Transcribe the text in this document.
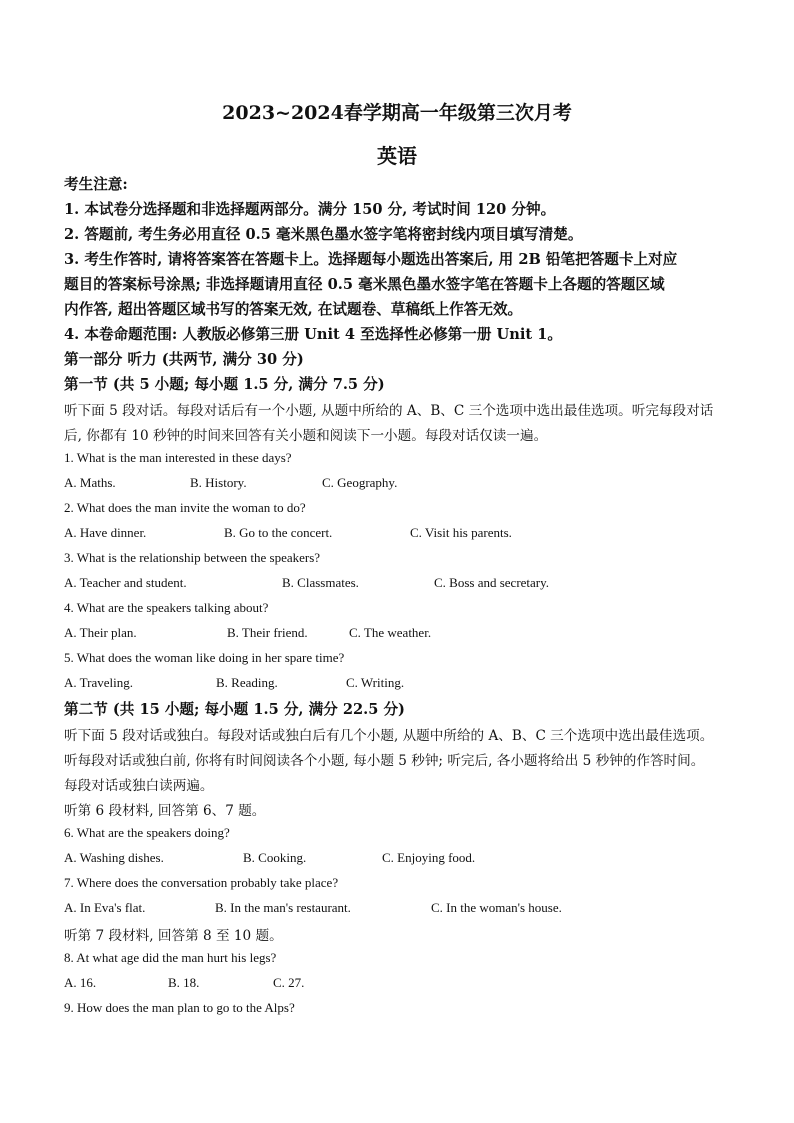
2023~2024春学期高一年级第三次月考
英语
考生注意:
1. 本试卷分选择题和非选择题两部分。满分 150 分, 考试时间 120 分钟。
2. 答题前, 考生务必用直径 0.5 毫米黑色墨水签字笔将密封线内项目填写清楚。
3. 考生作答时, 请将答案答在答题卡上。选择题每小题选出答案后, 用 2B 铅笔把答题卡上对应
题目的答案标号涂黑; 非选择题请用直径 0.5 毫米黑色墨水签字笔在答题卡上各题的答题区域
内作答, 超出答题区域书写的答案无效, 在试题卷、草稿纸上作答无效。
4. 本卷命题范围: 人教版必修第三册 Unit 4 至选择性必修第一册 Unit 1。
第一部分 听力 (共两节, 满分 30 分)
第一节 (共 5 小题; 每小题 1.5 分, 满分 7.5 分)
听下面 5 段对话。每段对话后有一个小题, 从题中所给的 A、B、C 三个选项中选出最佳选项。听完每段对话
后, 你都有 10 秒钟的时间来回答有关小题和阅读下一小题。每段对话仅读一遍。
1. What is the man interested in these days?
A. Maths.	B. History.	C. Geography.
2. What does the man invite the woman to do?
A. Have dinner.	B. Go to the concert.	C. Visit his parents.
3. What is the relationship between the speakers?
A. Teacher and student.	B. Classmates.	C. Boss and secretary.
4. What are the speakers talking about?
A. Their plan.	B. Their friend.	C. The weather.
5. What does the woman like doing in her spare time?
A. Traveling.	B. Reading.	C. Writing.
第二节 (共 15 小题; 每小题 1.5 分, 满分 22.5 分)
听下面 5 段对话或独白。每段对话或独白后有几个小题, 从题中所给的 A、B、C 三个选项中选出最佳选项。
听每段对话或独白前, 你将有时间阅读各个小题, 每小题 5 秒钟; 听完后, 各小题将给出 5 秒钟的作答时间。
每段对话或独白读两遍。
听第 6 段材料, 回答第 6、7 题。
6. What are the speakers doing?
A. Washing dishes.	B. Cooking.	C. Enjoying food.
7. Where does the conversation probably take place?
A. In Eva's flat.	B. In the man's restaurant.	C. In the woman's house.
听第 7 段材料, 回答第 8 至 10 题。
8. At what age did the man hurt his legs?
A. 16.	B. 18.	C. 27.
9. How does the man plan to go to the Alps?
